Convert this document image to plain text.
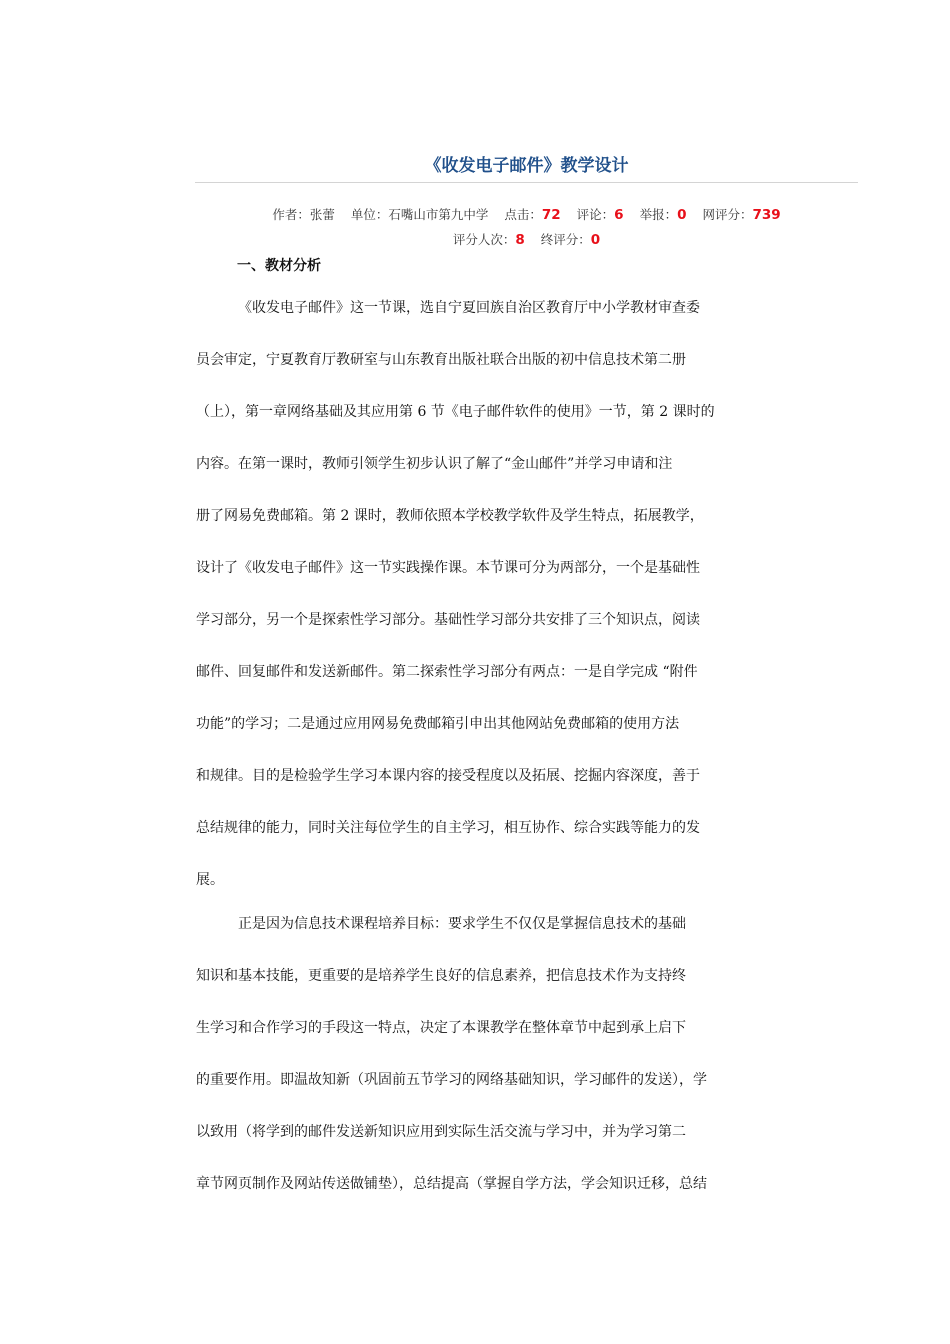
《收发电子邮件》教学设计
作者：张蕾 单位：石嘴山市第九中学 点击：72 评论：6 举报：0 网评分：739
评分人次：8 终评分：0
一、教材分析
《收发电子邮件》这一节课，选自宁夏回族自治区教育厅中小学教材审查委
员会审定，宁夏教育厅教研室与山东教育出版社联合出版的初中信息技术第二册
（上），第一章网络基础及其应用第 6 节《电子邮件软件的使用》一节，第 2 课时的
内容。在第一课时，教师引领学生初步认识了解了“金山邮件”并学习申请和注
册了网易免费邮箱。第 2 课时，教师依照本学校教学软件及学生特点，拓展教学，
设计了《收发电子邮件》这一节实践操作课。本节课可分为两部分，一个是基础性
学习部分，另一个是探索性学习部分。基础性学习部分共安排了三个知识点，阅读
邮件、回复邮件和发送新邮件。第二探索性学习部分有两点：一是自学完成 “附件
功能”的学习；二是通过应用网易免费邮箱引申出其他网站免费邮箱的使用方法
和规律。目的是检验学生学习本课内容的接受程度以及拓展、挖掘内容深度，善于
总结规律的能力，同时关注每位学生的自主学习，相互协作、综合实践等能力的发
展。
正是因为信息技术课程培养目标：要求学生不仅仅是掌握信息技术的基础
知识和基本技能，更重要的是培养学生良好的信息素养，把信息技术作为支持终
生学习和合作学习的手段这一特点，决定了本课教学在整体章节中起到承上启下
的重要作用。即温故知新（巩固前五节学习的网络基础知识，学习邮件的发送），学
以致用（将学到的邮件发送新知识应用到实际生活交流与学习中，并为学习第二
章节网页制作及网站传送做铺垫），总结提高（掌握自学方法，学会知识迁移，总结
